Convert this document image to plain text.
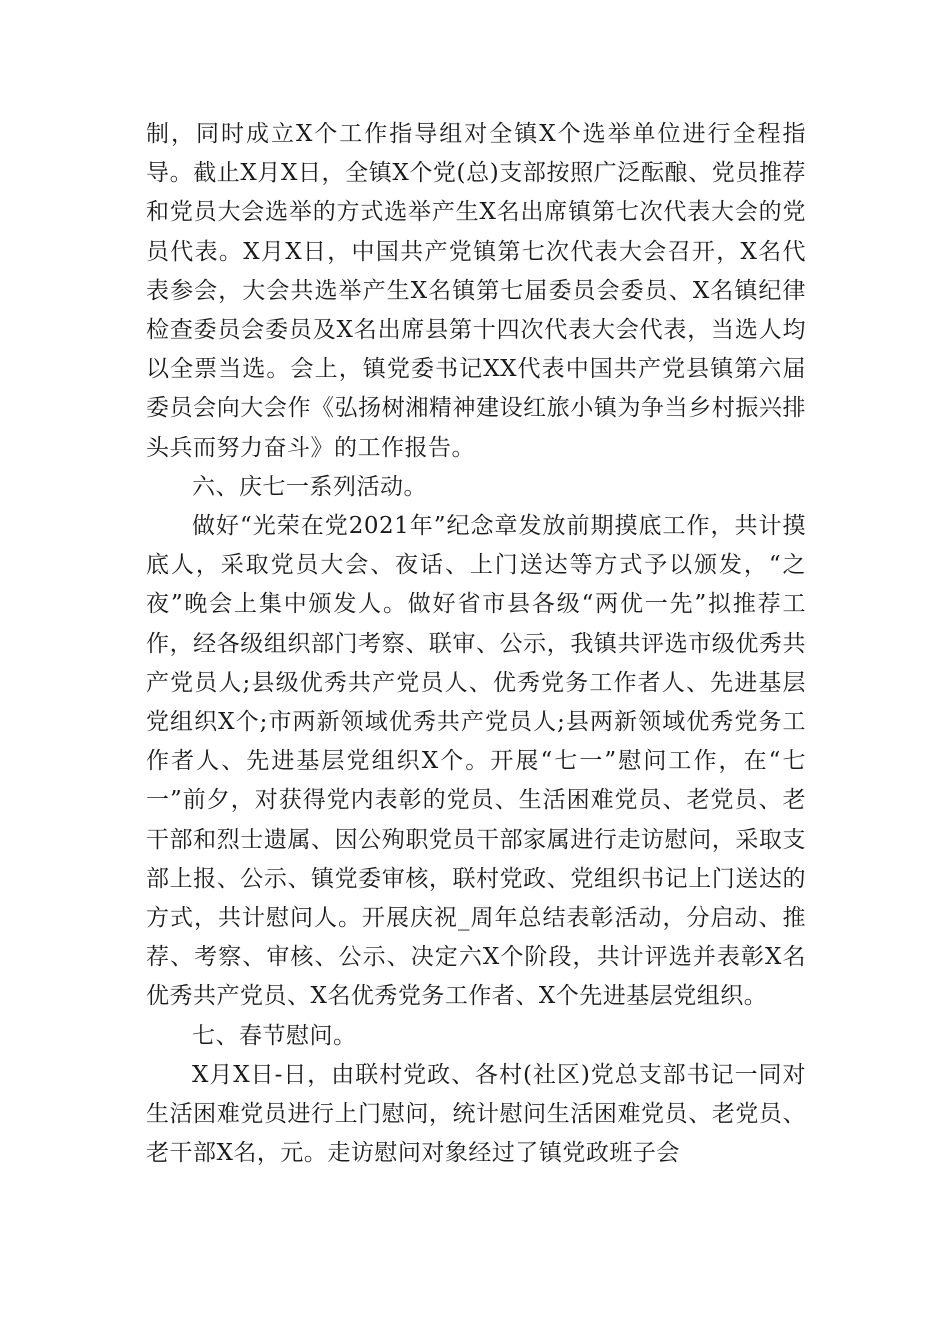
制，同时成立X个工作指导组对全镇X个选举单位进行全程指导。截止X月X日，全镇X个党(总)支部按照广泛酝酿、党员推荐和党员大会选举的方式选举产生X名出席镇第七次代表大会的党员代表。X月X日，中国共产党镇第七次代表大会召开，X名代表参会，大会共选举产生X名镇第七届委员会委员、X名镇纪律检查委员会委员及X名出席县第十四次代表大会代表，当选人均以全票当选。会上，镇党委书记XX代表中国共产党县镇第六届委员会向大会作《弘扬树湘精神建设红旅小镇为争当乡村振兴排头兵而努力奋斗》的工作报告。

六、庆七一系列活动。

做好“光荣在党2021年”纪念章发放前期摸底工作，共计摸底人，采取党员大会、夜话、上门送达等方式予以颁发，“之夜”晚会上集中颁发人。做好省市县各级“两优一先”拟推荐工作，经各级组织部门考察、联审、公示，我镇共评选市级优秀共产党员人;县级优秀共产党员人、优秀党务工作者人、先进基层党组织X个;市两新领域优秀共产党员人;县两新领域优秀党务工作者人、先进基层党组织X个。开展“七一”慰问工作，在“七一”前夕，对获得党内表彰的党员、生活困难党员、老党员、老干部和烈士遗属、因公殉职党员干部家属进行走访慰问，采取支部上报、公示、镇党委审核，联村党政、党组织书记上门送达的方式，共计慰问人。开展庆祝_周年总结表彰活动，分启动、推荐、考察、审核、公示、决定六X个阶段，共计评选并表彰X名优秀共产党员、X名优秀党务工作者、X个先进基层党组织。

七、春节慰问。

X月X日-日，由联村党政、各村(社区)党总支部书记一同对生活困难党员进行上门慰问，统计慰问生活困难党员、老党员、老干部X名，元。走访慰问对象经过了镇党政班子会
